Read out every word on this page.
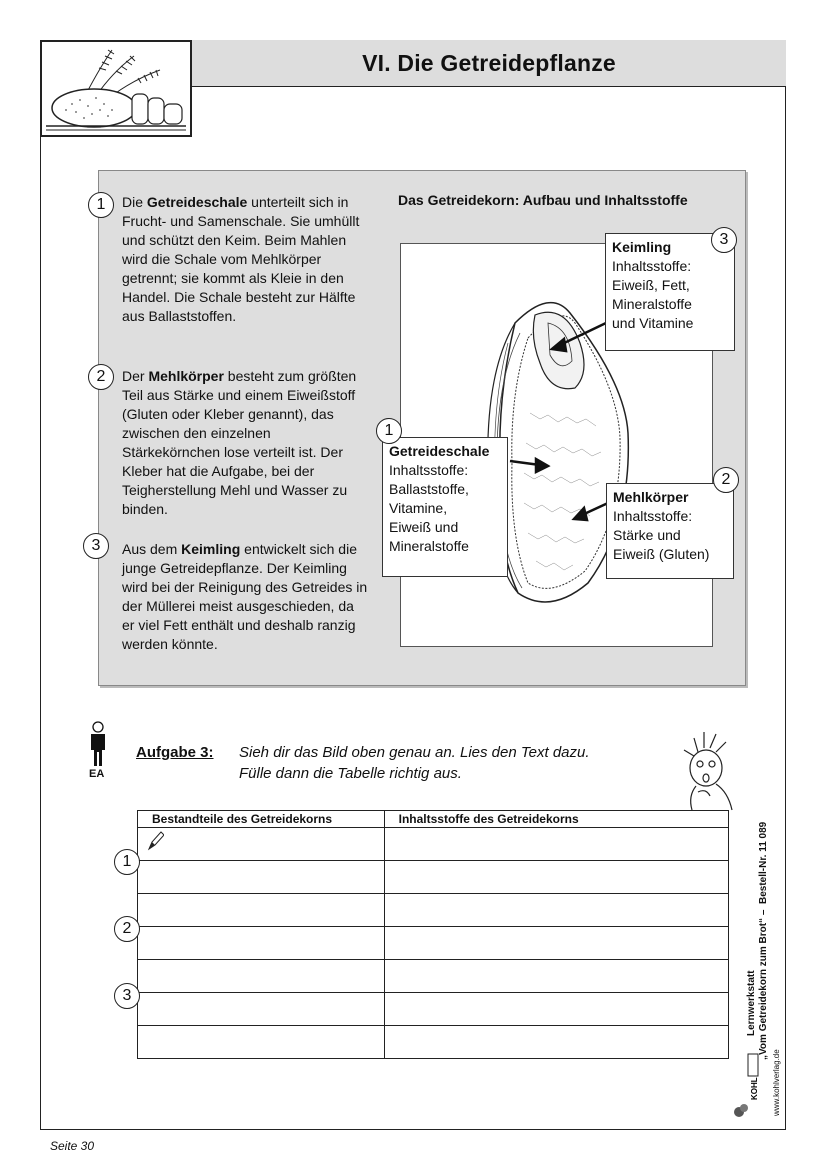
VI. Die Getreidepflanze
1 Die Getreideschale unterteilt sich in Frucht- und Samenschale. Sie umhüllt und schützt den Keim. Beim Mahlen wird die Schale vom Mehlkörper getrennt; sie kommt als Kleie in den Handel. Die Schale besteht zur Hälfte aus Ballaststoffen.
2 Der Mehlkörper besteht zum größten Teil aus Stärke und einem Eiweißstoff (Gluten oder Kleber genannt), das zwischen den einzelnen Stärkekörnchen lose verteilt ist. Der Kleber hat die Aufgabe, bei der Teigherstellung Mehl und Wasser zu binden.
3 Aus dem Keimling entwickelt sich die junge Getreidepflanze. Der Keimling wird bei der Reinigung des Getreides in der Müllerei meist ausgeschieden, da er viel Fett enthält und deshalb ranzig werden könnte.
Das Getreidekorn: Aufbau und Inhaltsstoffe
Keimling
Inhaltsstoffe:
Eiweiß, Fett,
Mineralstoffe
und Vitamine
3
Getreideschale
Inhaltsstoffe:
Ballaststoffe,
Vitamine,
Eiweiß und
Mineralstoffe
1
Mehlkörper
Inhaltsstoffe:
Stärke und
Eiweiß (Gluten)
2
EA
Aufgabe 3: Sieh dir das Bild oben genau an. Lies den Text dazu.
Fülle dann die Tabelle richtig aus.
Bestandteile des Getreidekorns	Inhaltsstoffe des Getreidekorns

1
2
3	„Vom Getreidekorn zum Brot“ –  Bestell-Nr. 11 089
Lernwerkstatt
www.kohlverlag.de
KOHL
Seite 30
